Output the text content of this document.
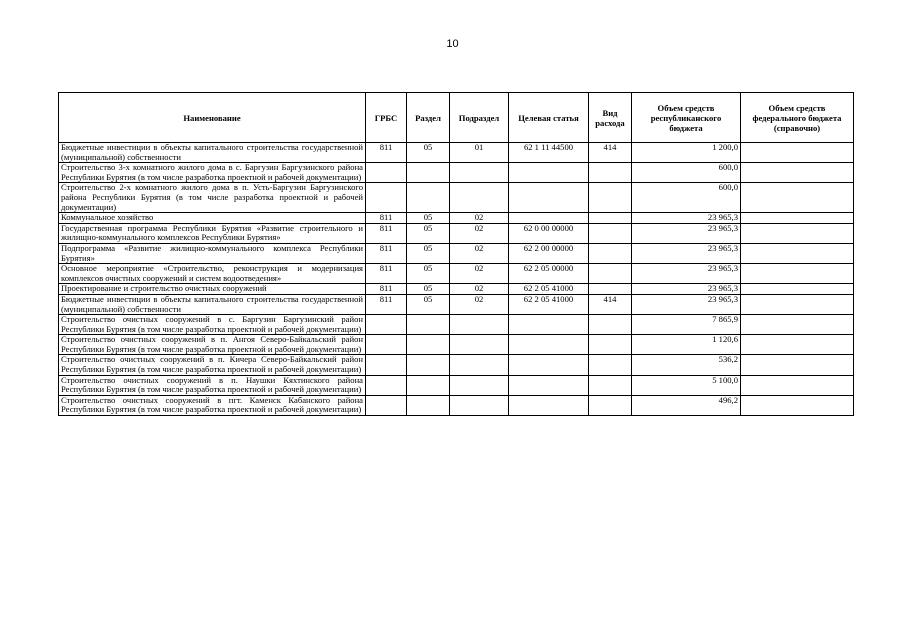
10
Наименование	ГРБС	Раздел	Подраздел	Целевая статья	Вид расхода	Объем средств республиканского бюджета	Объем средств федерального бюджета (справочно)
Бюджетные инвестиции в объекты капитального строительства государственной (муниципальной) собственности	811	05	01	62 1 11 44500	414	1 200,0	
Строительство 3-х комнатного жилого дома в с. Баргузин Баргузинского района Республики Бурятия (в том числе разработка проектной и рабочей документации)						600,0	
Строительство 2-х комнатного жилого дома в п. Усть-Баргузин Баргузинского района Республики Бурятия (в том числе разработка проектной и рабочей документации)						600,0	
Коммунальное хозяйство	811	05	02			23 965,3	
Государственная программа Республики Бурятия «Развитие строительного и жилищно-коммунального комплексов Республики Бурятия»	811	05	02	62 0 00 00000		23 965,3	
Подпрограмма «Развитие жилищно-коммунального комплекса Республики Бурятия»	811	05	02	62 2 00 00000		23 965,3	
Основное мероприятие «Строительство, реконструкция и модернизация комплексов очистных сооружений и систем водоотведения»	811	05	02	62 2 05 00000		23 965,3	
Проектирование и строительство очистных сооружений	811	05	02	62 2 05 41000		23 965,3	
Бюджетные инвестиции в объекты капитального строительства государственной (муниципальной) собственности	811	05	02	62 2 05 41000	414	23 965,3	
Строительство очистных сооружений в с. Баргузин Баргузинский район Республики Бурятия (в том числе разработка проектной и рабочей документации)						7 865,9	
Строительство очистных сооружений в п. Ангоя Северо-Байкальский район Республики Бурятия (в том числе разработка проектной и рабочей документации)						1 120,6	
Строительство очистных сооружений в п. Кичера Северо-Байкальский район Республики Бурятия (в том числе разработка проектной и рабочей документации)						536,2	
Строительство очистных сооружений в п. Наушки Кяхтинского района Республики Бурятия (в том числе разработка проектной и рабочей документации)						5 100,0	
Строительство очистных сооружений в пгт. Каменск Кабанского района Республики Бурятия (в том числе разработка проектной и рабочей документации)						496,2	
